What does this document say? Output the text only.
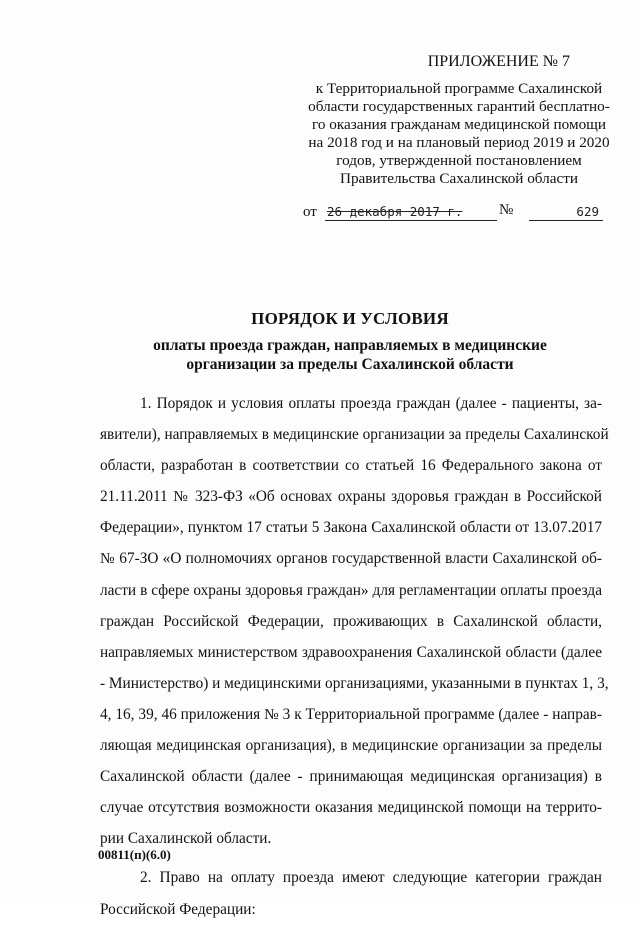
ПРИЛОЖЕНИЕ № 7
к Территориальной программе Сахалинской
области государственных гарантий бесплатно-
го оказания гражданам медицинской помощи
на 2018 год и на плановый период 2019 и 2020
годов, утвержденной постановлением
Правительства Сахалинской области
от 26 декабря 2017 г.	№	629
ПОРЯДОК И УСЛОВИЯ
оплаты проезда граждан, направляемых в медицинские
организации за пределы Сахалинской области
1. Порядок и условия оплаты проезда граждан (далее - пациенты, за-
явители), направляемых в медицинские организации за пределы Сахалинской
области, разработан в соответствии со статьей 16 Федерального закона от
21.11.2011 № 323-ФЗ «Об основах охраны здоровья граждан в Российской
Федерации», пунктом 17 статьи 5 Закона Сахалинской области от 13.07.2017
№ 67-ЗО «О полномочиях органов государственной власти Сахалинской об-
ласти в сфере охраны здоровья граждан» для регламентации оплаты проезда
граждан Российской Федерации, проживающих в Сахалинской области,
направляемых министерством здравоохранения Сахалинской области (далее
- Министерство) и медицинскими организациями, указанными в пунктах 1, 3,
4, 16, 39, 46 приложения № 3 к Территориальной программе (далее - направ-
ляющая медицинская организация), в медицинские организации за пределы
Сахалинской области (далее - принимающая медицинская организация) в
случае отсутствия возможности оказания медицинской помощи на террито-
рии Сахалинской области.
2. Право на оплату проезда имеют следующие категории граждан
Российской Федерации:
00811(п)(6.0)
